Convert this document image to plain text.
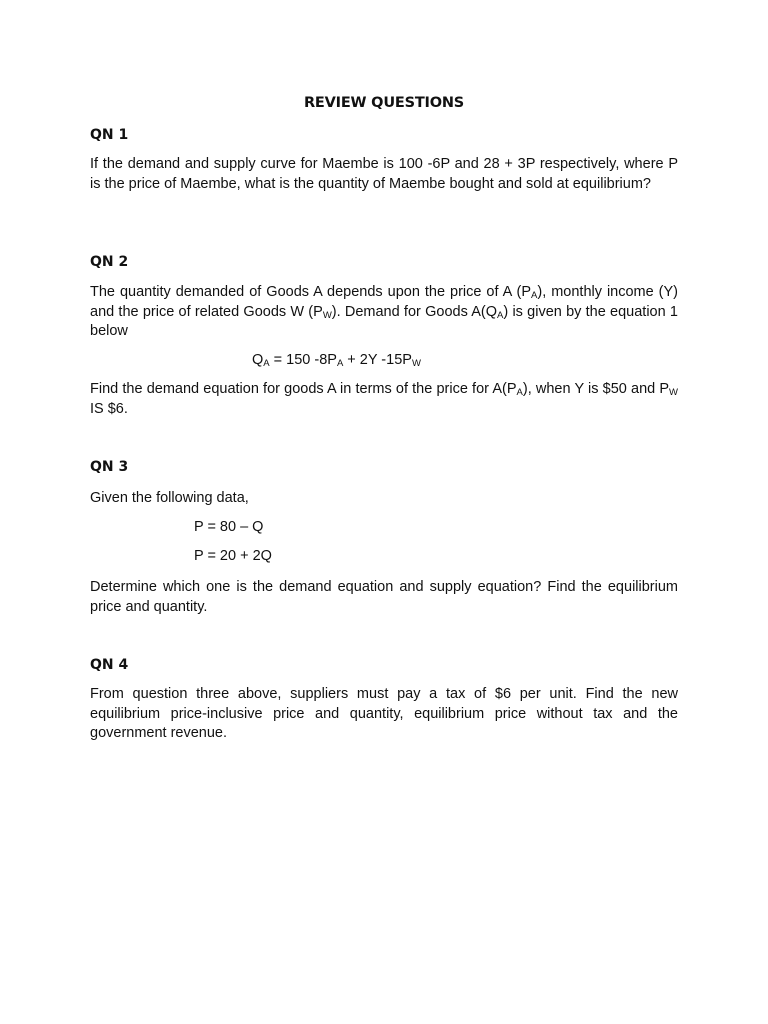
REVIEW QUESTIONS
QN 1

If the demand and supply curve for Maembe is 100 -6P and 28 + 3P respectively, where P is the price of Maembe, what is the quantity of Maembe bought and sold at equilibrium?

QN 2

The quantity demanded of Goods A depends upon the price of A $(P_A)$, monthly income (Y) and the price of related Goods W $(P_W)$. Demand for Goods $A(Q_A)$ is given by the equation 1 below

$Q_A = 150$ $-8P_A + 2Y$ $-15P_W$

Find the demand equation for goods A in terms of the price for $A(P_A)$, when Y is $50 and $P_W$ IS $6.

QN 3

Given the following data,

P = 80 – Q
P = 20 + 2Q

Determine which one is the demand equation and supply equation? Find the equilibrium price and quantity.

QN 4

From question three above, suppliers must pay a tax of $6 per unit. Find the new equilibrium price-inclusive price and quantity, equilibrium price without tax and the government revenue.
